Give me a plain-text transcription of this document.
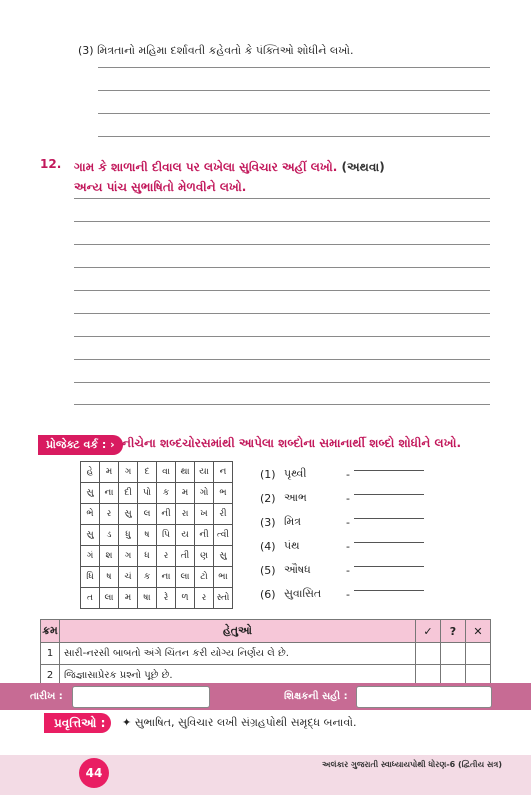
(3) મિત્રતાનો મહિમા દર્શાવતી કહેવતો કે પંક્તિઓ શોધીને લખો.
12. ગામ કે શાળાની દીવાલ પર લખેલા સુવિચાર અહીં લખો. (અથવા)
અન્ય પાંચ સુભાષિતો મેળવીને લખો.
પ્રોજેક્ટ વર્ક : › નીચેના શબ્દચોરસમાંથી આપેલા શબ્દોના સમાનાર્થી શબ્દો શોધીને લખો.
હે	મ	ગ	દ	વા	થા	યા	ન
સુ	ના	દી	પો	ક	મ	ગો	ભ
ભે	ર	સુ	લ	ની	રા	ખ	રી
સુ	ડ	ધુ	ષ	પિ	ય	ની	ત્વી
ગં	શ	ગ	ધ	ર	તી	ણ	સુ
ધિ	ષ	ચં	ક	ના	લા	ટો	ભા
ત	લા	મ	ષા	રે	ળ	ર	સ્તો
(1) પૃથ્વી	-
(2) આભ	-
(3) મિત્ર	-
(4) પંથ	-
(5) ઔષધ	-
(6) સુવાસિત	-
ક્રમ	હેતુઓ	✓	?	✕
1	સારી-નરસી બાબતો અંગે ચિંતન કરી યોગ્ય નિર્ણય લે છે.			
2	જિજ્ઞાસાપ્રેરક પ્રશ્નો પૂછે છે.			
તારીખ :	શિક્ષકની સહી :
પ્રવૃત્તિઓ :	✦ સુભાષિત, સુવિચાર લખી સંગ્રહપોથી સમૃદ્ધ બનાવો.
44
અલંકાર ગુજરાતી સ્વાધ્યાયપોથી ધોરણ-6 (દ્વિતીય સત્ર)
